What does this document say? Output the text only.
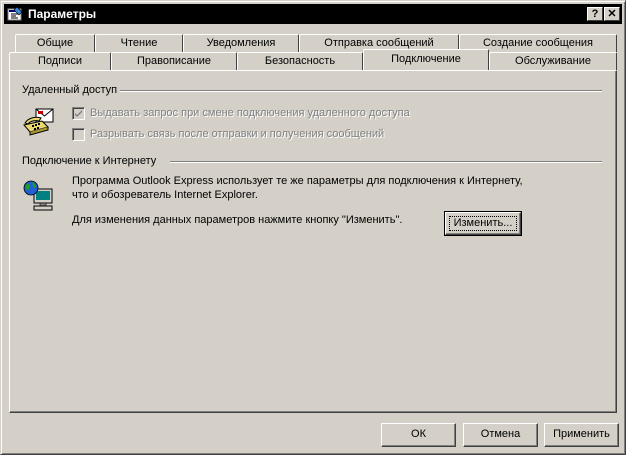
Параметры	? ✕
Общие	Чтение	Уведомления	Отправка сообщений	Создание сообщения
Подписи	Правописание	Безопасность	Подключение	Обслуживание
Удаленный доступ
Выдавать запрос при смене подключения удаленного доступа
Разрывать связь после отправки и получения сообщений
Подключение к Интернету
Программа Outlook Express использует те же параметры для подключения к Интернету,
что и обозреватель Internet Explorer.
Для изменения данных параметров нажмите кнопку "Изменить".	Изменить...
ОК	Отмена	Применить
